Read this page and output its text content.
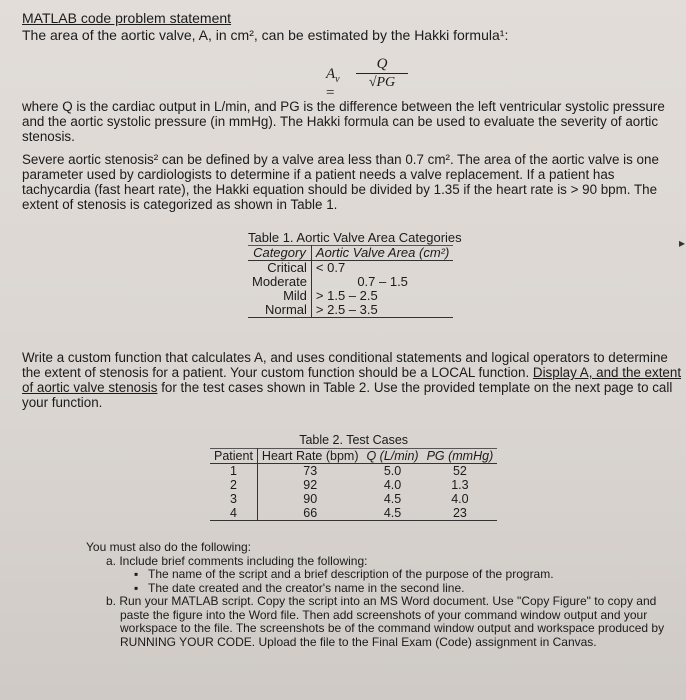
MATLAB code problem statement
The area of the aortic valve, A, in cm², can be estimated by the Hakki formula¹:
$A_v$ =
Q
√PG
where Q is the cardiac output in L/min, and PG is the difference between the left ventricular systolic pressure and the aortic systolic pressure (in mmHg). The Hakki formula can be used to evaluate the severity of aortic stenosis.
Severe aortic stenosis² can be defined by a valve area less than 0.7 cm². The area of the aortic valve is one parameter used by cardiologists to determine if a patient needs a valve replacement. If a patient has tachycardia (fast heart rate), the Hakki equation should be divided by 1.35 if the heart rate is > 90 bpm. The extent of stenosis is categorized as shown in Table 1.
Table 1. Aortic Valve Area Categories
Category	Aortic Valve Area (cm²)
Critical	< 0.7
Moderate	0.7 – 1.5
Mild	> 1.5 – 2.5
Normal	> 2.5 – 3.5
▸
Write a custom function that calculates A, and uses conditional statements and logical operators to determine the extent of stenosis for a patient. Your custom function should be a LOCAL function. Display A, and the extent of aortic valve stenosis for the test cases shown in Table 2. Use the provided template on the next page to call your function.
Table 2. Test Cases
Patient	Heart Rate (bpm)	Q (L/min)	PG (mmHg)
1	73	5.0	52
2	92	4.0	1.3
3	90	4.5	4.0
4	66	4.5	23
You must also do the following:
a. Include brief comments including the following:
▪ The name of the script and a brief description of the purpose of the program.
▪ The date created and the creator's name in the second line.
b. Run your MATLAB script. Copy the script into an MS Word document. Use "Copy Figure" to copy and paste the figure into the Word file. Then add screenshots of your command window output and your workspace to the file. The screenshots be of the command window output and workspace produced by RUNNING YOUR CODE. Upload the file to the Final Exam (Code) assignment in Canvas.
